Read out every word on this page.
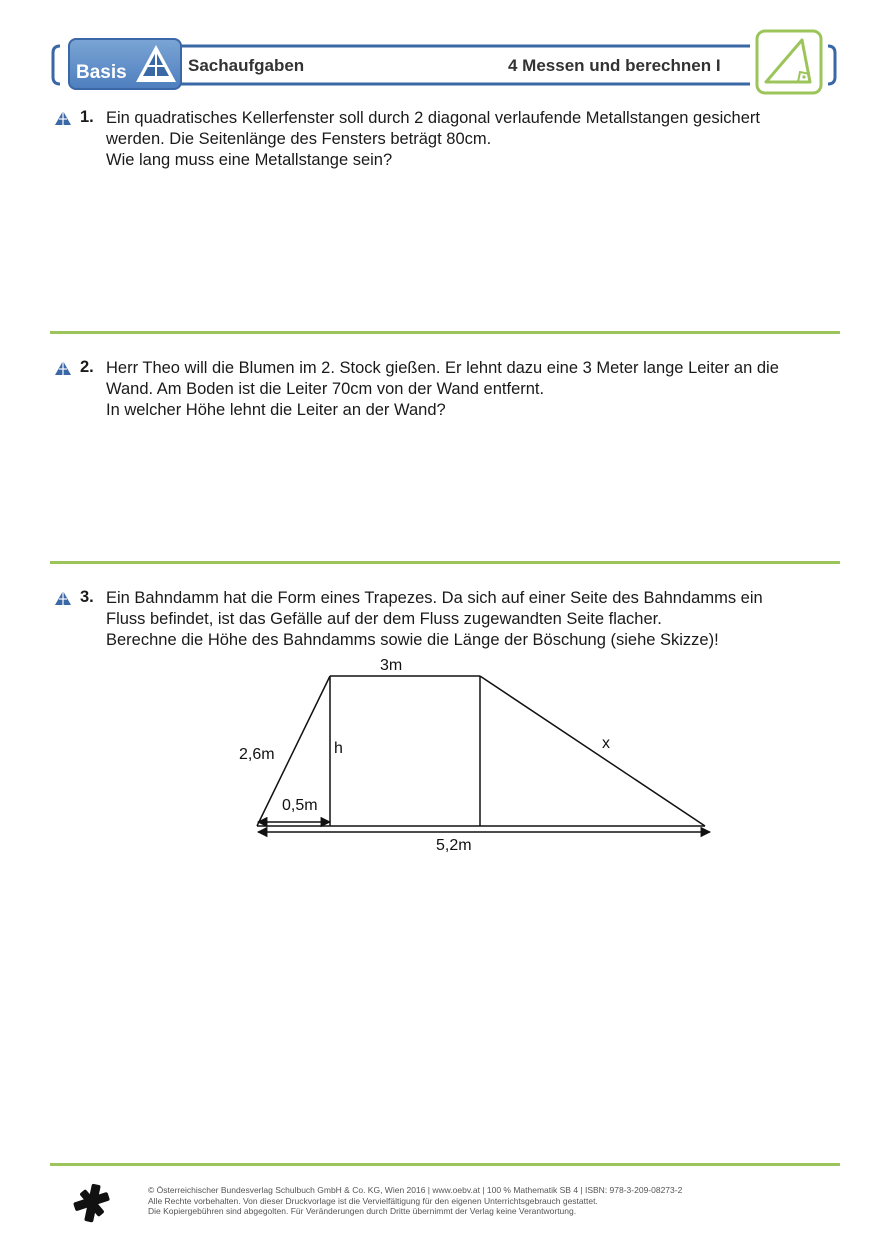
Basis	Sachaufgaben	4 Messen und berechnen I
1. Ein quadratisches Kellerfenster soll durch 2 diagonal verlaufende Metallstangen gesichert

werden. Die Seitenlänge des Fensters beträgt 80cm.

Wie lang muss eine Metallstange sein?

2. Herr Theo will die Blumen im 2. Stock gießen. Er lehnt dazu eine 3 Meter lange Leiter an die

Wand. Am Boden ist die Leiter 70cm von der Wand entfernt.

In welcher Höhe lehnt die Leiter an der Wand?

3. Ein Bahndamm hat die Form eines Trapezes. Da sich auf einer Seite des Bahndamms ein

Fluss befindet, ist das Gefälle auf der dem Fluss zugewandten Seite flacher.

Berechne die Höhe des Bahndamms sowie die Länge der Böschung (siehe Skizze)!

3m
2,6m	h	x
0,5m
5,2m

© Österreichischer Bundesverlag Schulbuch GmbH & Co. KG, Wien 2016 | www.oebv.at | 100 % Mathematik SB 4 | ISBN: 978-3-209-08273-2

Alle Rechte vorbehalten. Von dieser Druckvorlage ist die Vervielfältigung für den eigenen Unterrichtsgebrauch gestattet.

Die Kopiergebühren sind abgegolten. Für Veränderungen durch Dritte übernimmt der Verlag keine Verantwortung.
